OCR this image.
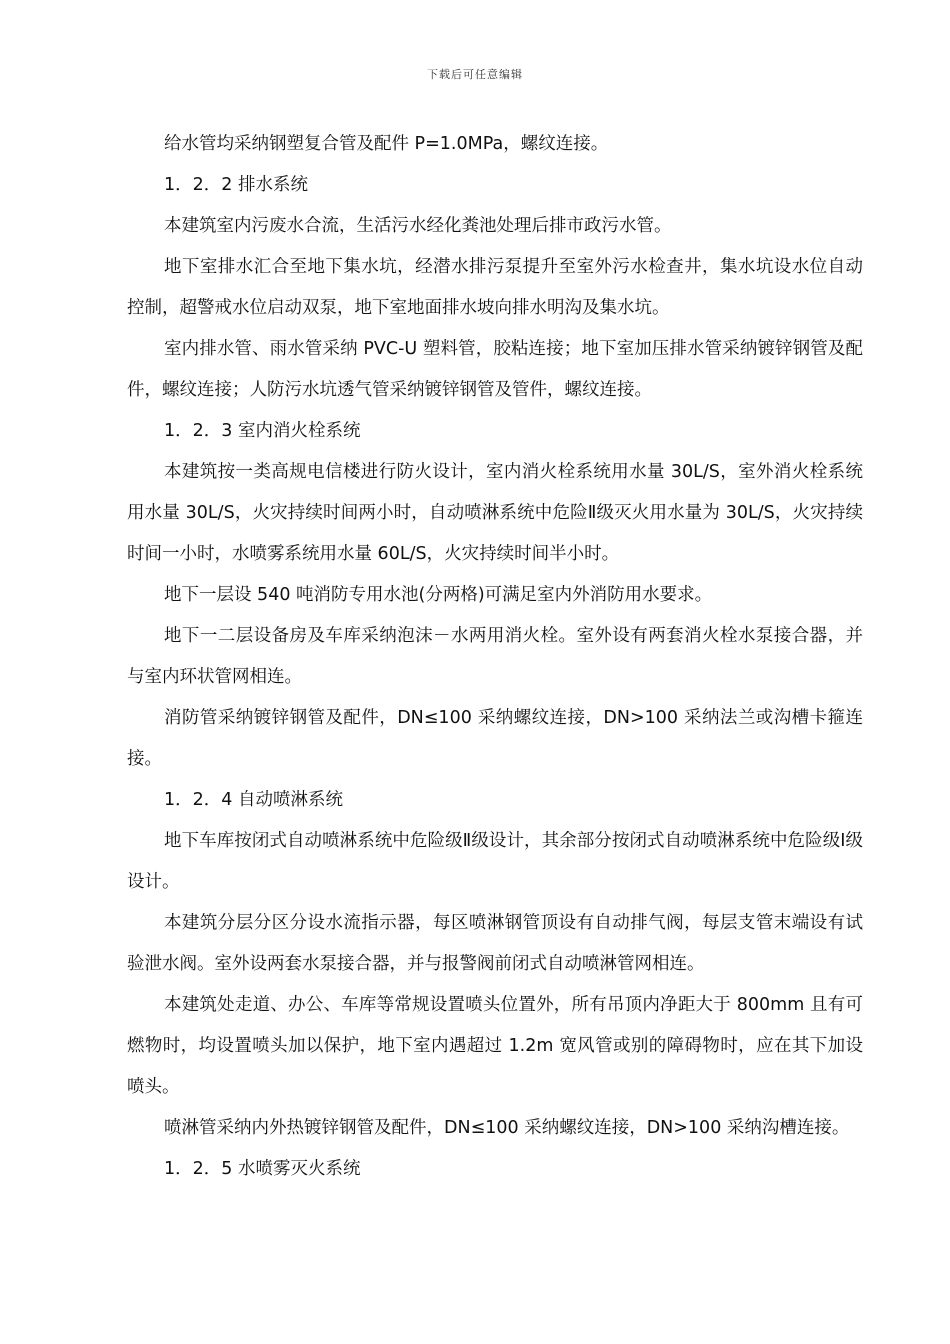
下载后可任意编辑

给水管均采纳钢塑复合管及配件 P=1.0MPa，螺纹连接。

1．2．2 排水系统

本建筑室内污废水合流，生活污水经化粪池处理后排市政污水管。

地下室排水汇合至地下集水坑，经潜水排污泵提升至室外污水检查井，集水坑设水位自动控制，超警戒水位启动双泵，地下室地面排水坡向排水明沟及集水坑。

室内排水管、雨水管采纳 PVC-U 塑料管，胶粘连接；地下室加压排水管采纳镀锌钢管及配件，螺纹连接；人防污水坑透气管采纳镀锌钢管及管件，螺纹连接。

1．2．3 室内消火栓系统

本建筑按一类高规电信楼进行防火设计，室内消火栓系统用水量 30L/S，室外消火栓系统用水量 30L/S，火灾持续时间两小时，自动喷淋系统中危险Ⅱ级灭火用水量为 30L/S，火灾持续时间一小时，水喷雾系统用水量 60L/S，火灾持续时间半小时。

地下一层设 540 吨消防专用水池(分两格)可满足室内外消防用水要求。

地下一二层设备房及车库采纳泡沫－水两用消火栓。室外设有两套消火栓水泵接合器，并与室内环状管网相连。

消防管采纳镀锌钢管及配件，DN≤100 采纳螺纹连接，DN>100 采纳法兰或沟槽卡箍连接。

1．2．4 自动喷淋系统

地下车库按闭式自动喷淋系统中危险级Ⅱ级设计，其余部分按闭式自动喷淋系统中危险级Ⅰ级设计。

本建筑分层分区分设水流指示器，每区喷淋钢管顶设有自动排气阀，每层支管末端设有试验泄水阀。室外设两套水泵接合器，并与报警阀前闭式自动喷淋管网相连。

本建筑处走道、办公、车库等常规设置喷头位置外，所有吊顶内净距大于 800mm 且有可燃物时，均设置喷头加以保护，地下室内遇超过 1.2m 宽风管或别的障碍物时，应在其下加设喷头。

喷淋管采纳内外热镀锌钢管及配件，DN≤100 采纳螺纹连接，DN>100 采纳沟槽连接。

1．2．5 水喷雾灭火系统
